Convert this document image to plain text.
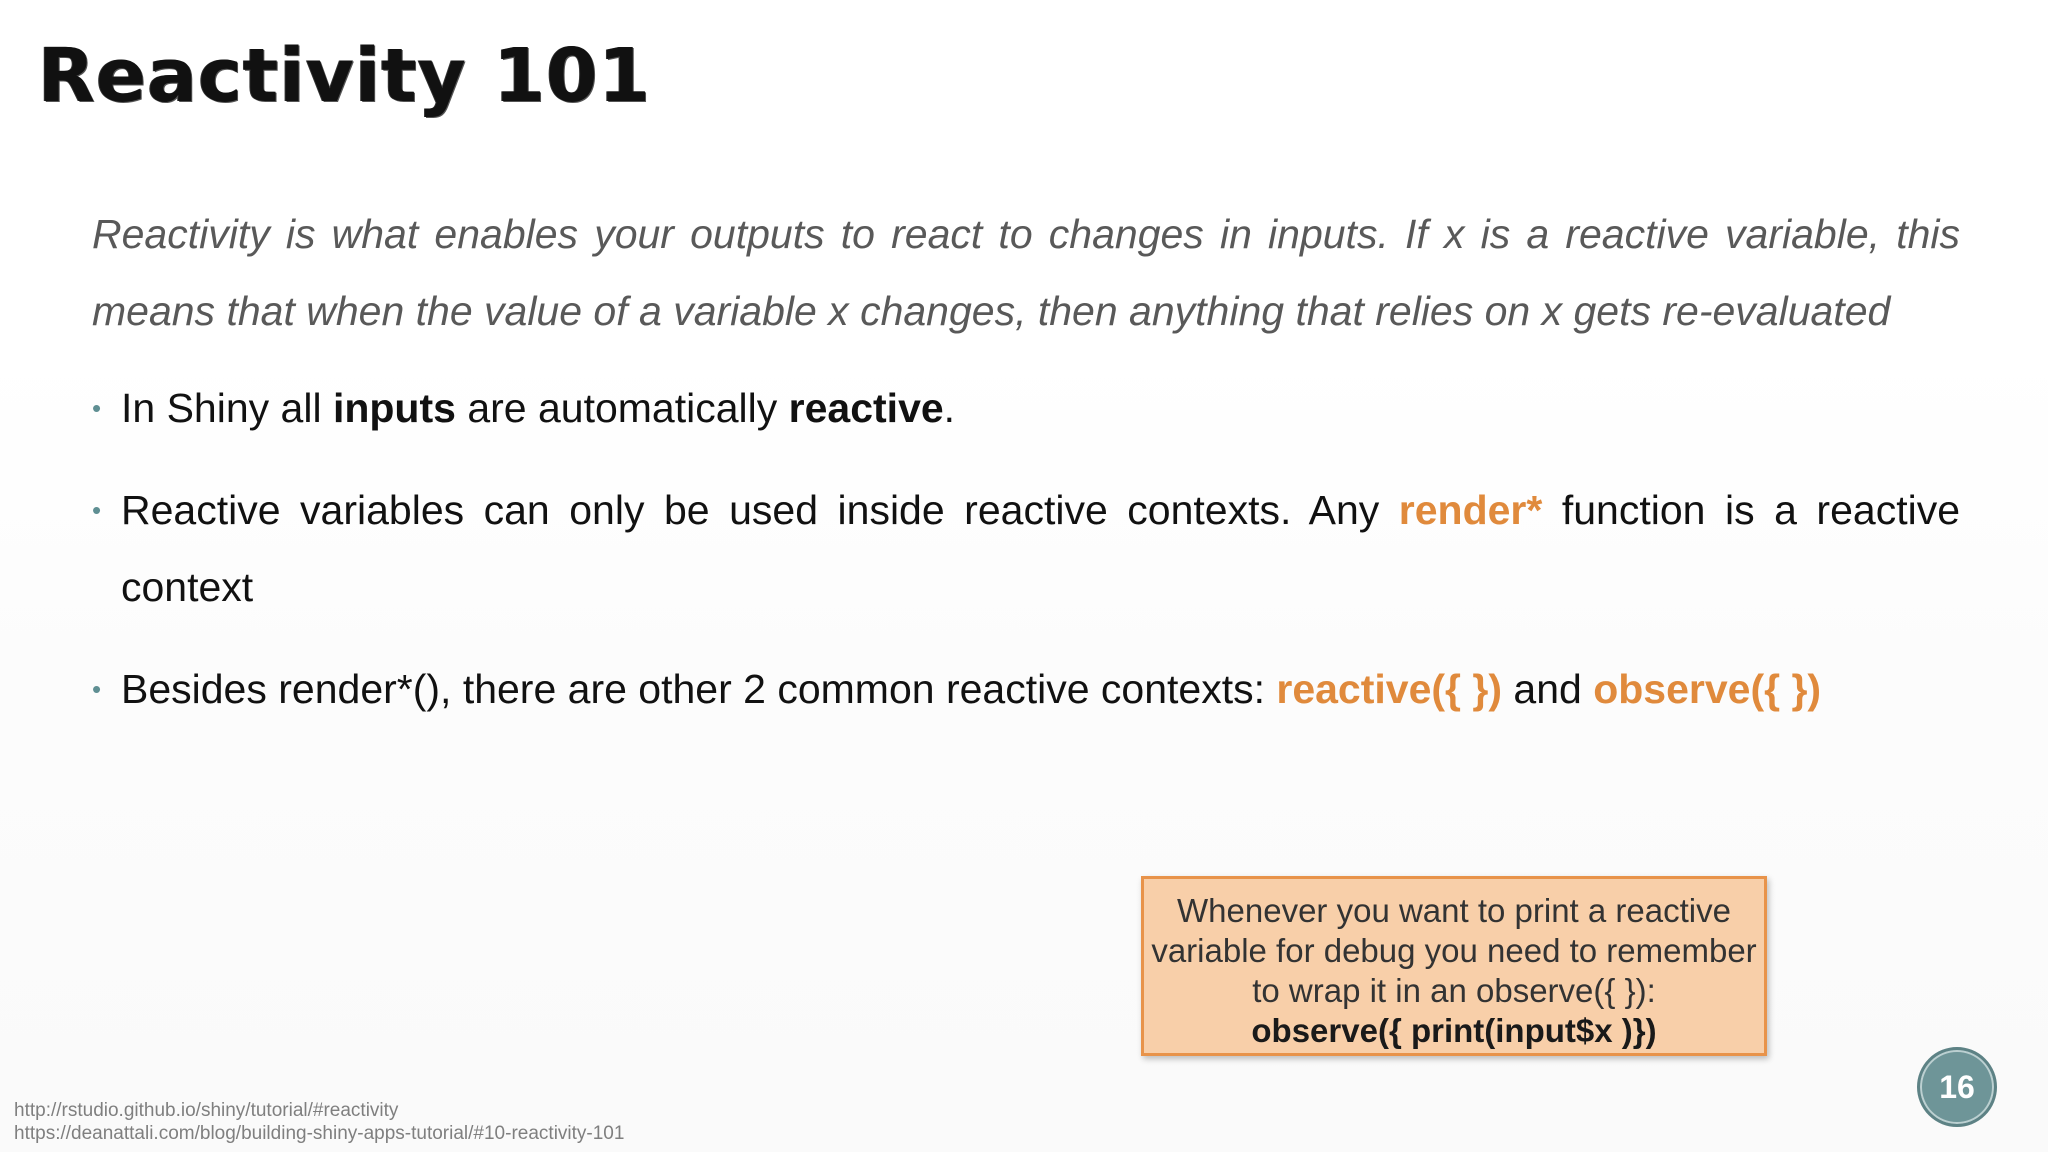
Reactivity 101
Reactivity is what enables your outputs to react to changes in inputs. If x is a reactive variable, this means that when the value of a variable x changes, then anything that relies on x gets re-evaluated
• In Shiny all inputs are automatically reactive.
• Reactive variables can only be used inside reactive contexts. Any render* function is a reactive context
• Besides render*(), there are other 2 common reactive contexts: reactive({ }) and observe({ })
Whenever you want to print a reactive variable for debug you need to remember to wrap it in an observe({ }):
observe({ print(input$x )})
http://rstudio.github.io/shiny/tutorial/#reactivity
https://deanattali.com/blog/building-shiny-apps-tutorial/#10-reactivity-101
16
